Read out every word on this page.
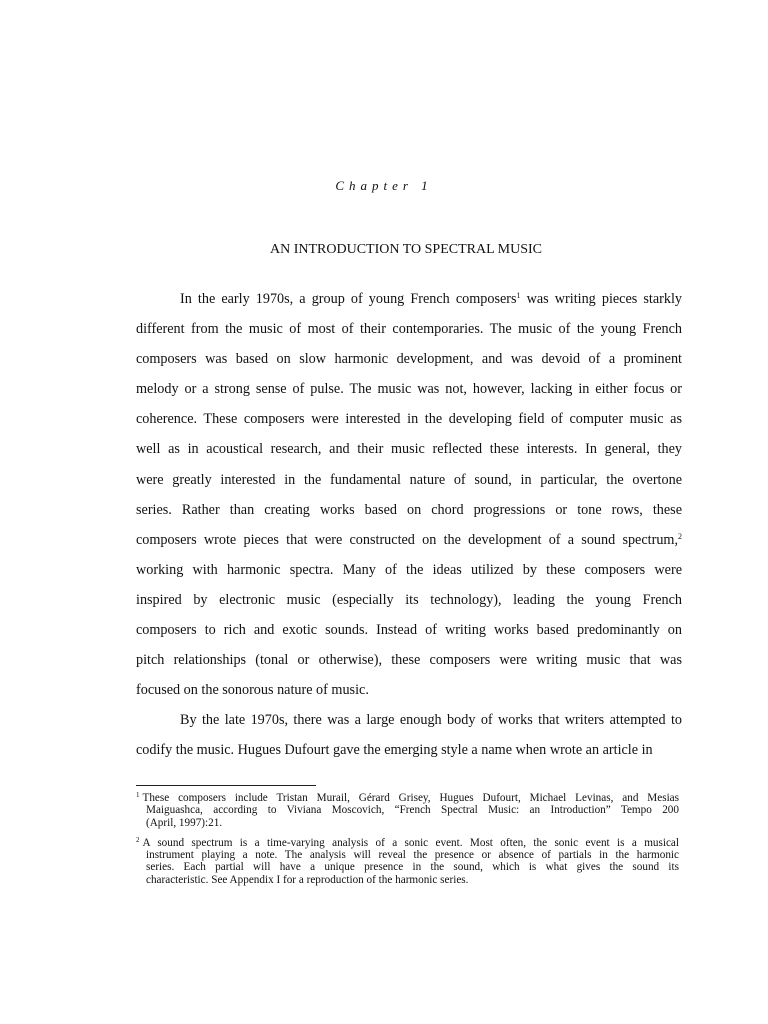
Chapter 1
AN INTRODUCTION TO SPECTRAL MUSIC
In the early 1970s, a group of young French composers$^1$ was writing pieces starkly
different from the music of most of their contemporaries. The music of the young French
composers was based on slow harmonic development, and was devoid of a prominent
melody or a strong sense of pulse. The music was not, however, lacking in either focus or
coherence. These composers were interested in the developing field of computer music as
well as in acoustical research, and their music reflected these interests. In general, they
were greatly interested in the fundamental nature of sound, in particular, the overtone
series. Rather than creating works based on chord progressions or tone rows, these
composers wrote pieces that were constructed on the development of a sound spectrum,$^2$
working with harmonic spectra. Many of the ideas utilized by these composers were
inspired by electronic music (especially its technology), leading the young French
composers to rich and exotic sounds. Instead of writing works based predominantly on
pitch relationships (tonal or otherwise), these composers were writing music that was
focused on the sonorous nature of music.
By the late 1970s, there was a large enough body of works that writers attempted to
codify the music. Hugues Dufourt gave the emerging style a name when wrote an article in
$^1$ These composers include Tristan Murail, Gérard Grisey, Hugues Dufourt, Michael Levinas, and Mesias
Maiguashca, according to Viviana Moscovich, “French Spectral Music: an Introduction” Tempo 200
(April, 1997):21.
$^2$ A sound spectrum is a time-varying analysis of a sonic event. Most often, the sonic event is a musical
instrument playing a note. The analysis will reveal the presence or absence of partials in the harmonic
series. Each partial will have a unique presence in the sound, which is what gives the sound its
characteristic. See Appendix I for a reproduction of the harmonic series.
